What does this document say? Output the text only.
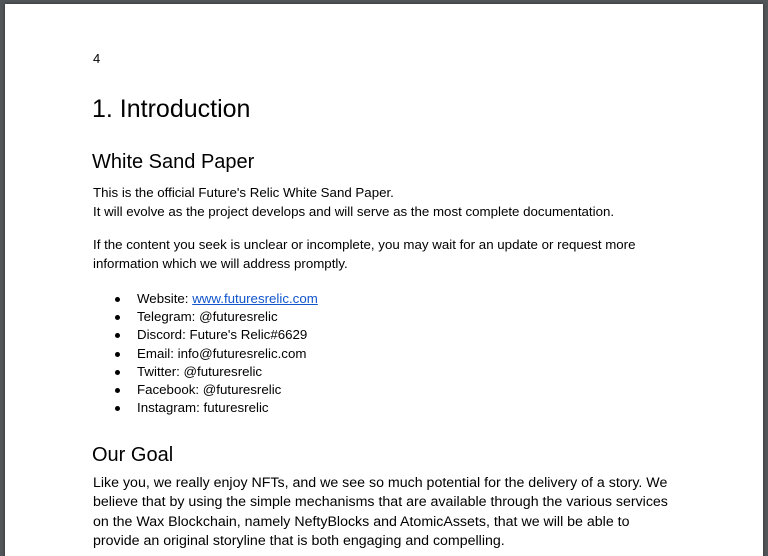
4
1. Introduction
White Sand Paper

This is the official Future's Relic White Sand Paper.
It will evolve as the project develops and will serve as the most complete documentation.

If the content you seek is unclear or incomplete, you may wait for an update or request more
information which we will address promptly.

Website: www.futuresrelic.com
Telegram: @futuresrelic
Discord: Future's Relic#6629
Email: info@futuresrelic.com
Twitter: @futuresrelic
Facebook: @futuresrelic
Instagram: futuresrelic
Our Goal

Like you, we really enjoy NFTs, and we see so much potential for the delivery of a story. We
believe that by using the simple mechanisms that are available through the various services
on the Wax Blockchain, namely NeftyBlocks and AtomicAssets, that we will be able to
provide an original storyline that is both engaging and compelling.
